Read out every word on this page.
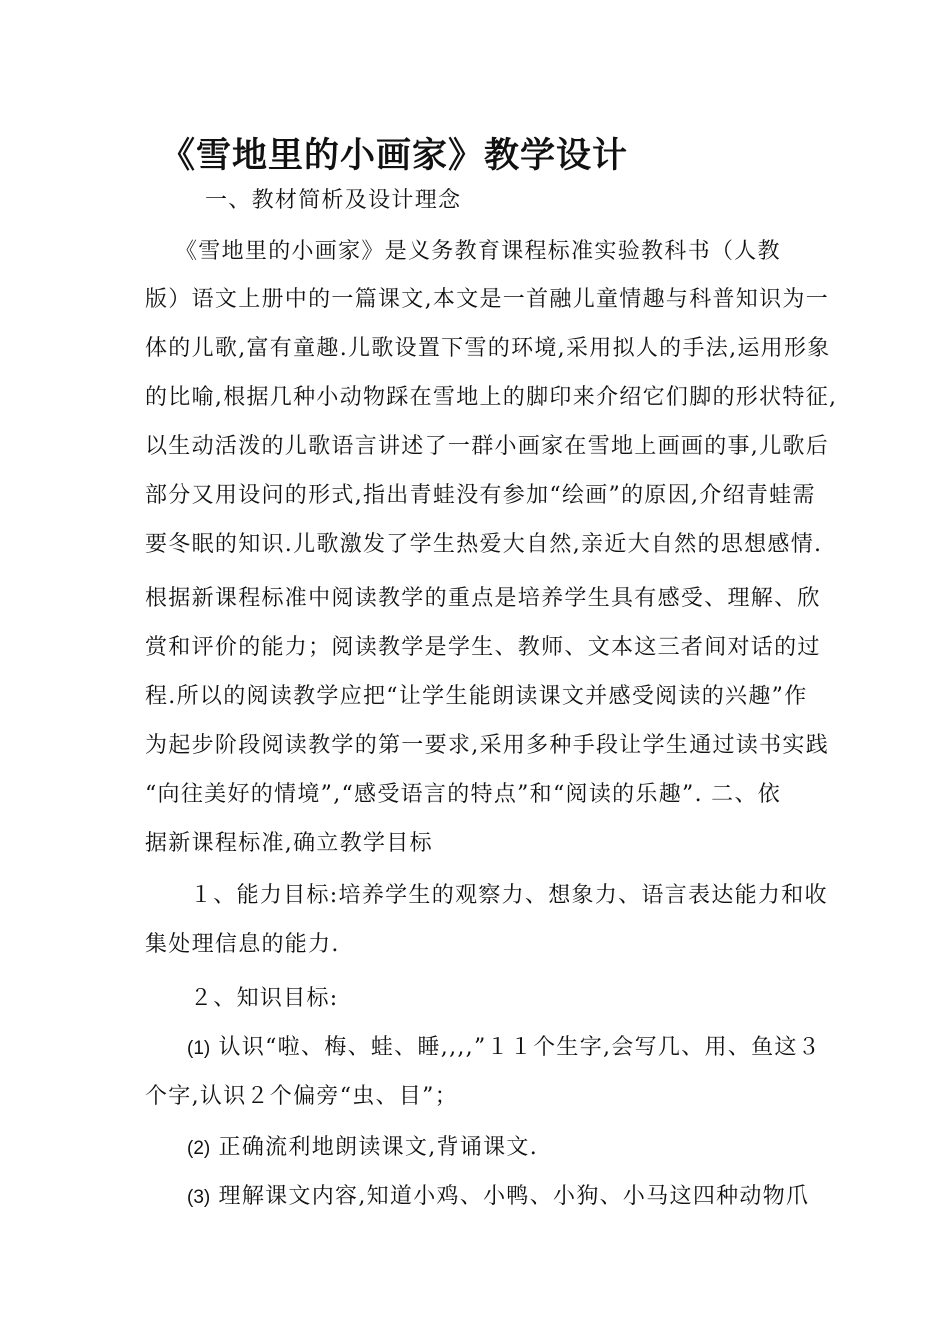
《雪地里的小画家》教学设计

一、教材简析及设计理念

《雪地里的小画家》是义务教育课程标准实验教科书（人教

版）语文上册中的一篇课文,本文是一首融儿童情趣与科普知识为一

体的儿歌,富有童趣.儿歌设置下雪的环境,采用拟人的手法,运用形象

的比喻,根据几种小动物踩在雪地上的脚印来介绍它们脚的形状特征,

以生动活泼的儿歌语言讲述了一群小画家在雪地上画画的事,儿歌后

部分又用设问的形式,指出青蛙没有参加“绘画”的原因,介绍青蛙需

要冬眠的知识.儿歌激发了学生热爱大自然,亲近大自然的思想感情.

根据新课程标准中阅读教学的重点是培养学生具有感受、理解、欣

赏和评价的能力；阅读教学是学生、教师、文本这三者间对话的过

程.所以的阅读教学应把“让学生能朗读课文并感受阅读的兴趣”作

为起步阶段阅读教学的第一要求,采用多种手段让学生通过读书实践

“向往美好的情境”,“感受语言的特点”和“阅读的乐趣”. 二、依

据新课程标准,确立教学目标

１、能力目标:培养学生的观察力、想象力、语言表达能力和收

集处理信息的能力.

２、知识目标:

(1) 认识“啦、梅、蛙、睡,,,,”１１个生字,会写几、用、鱼这３

个字,认识２个偏旁“虫、目”；

(2) 正确流利地朗读课文,背诵课文.

(3) 理解课文内容,知道小鸡、小鸭、小狗、小马这四种动物爪
